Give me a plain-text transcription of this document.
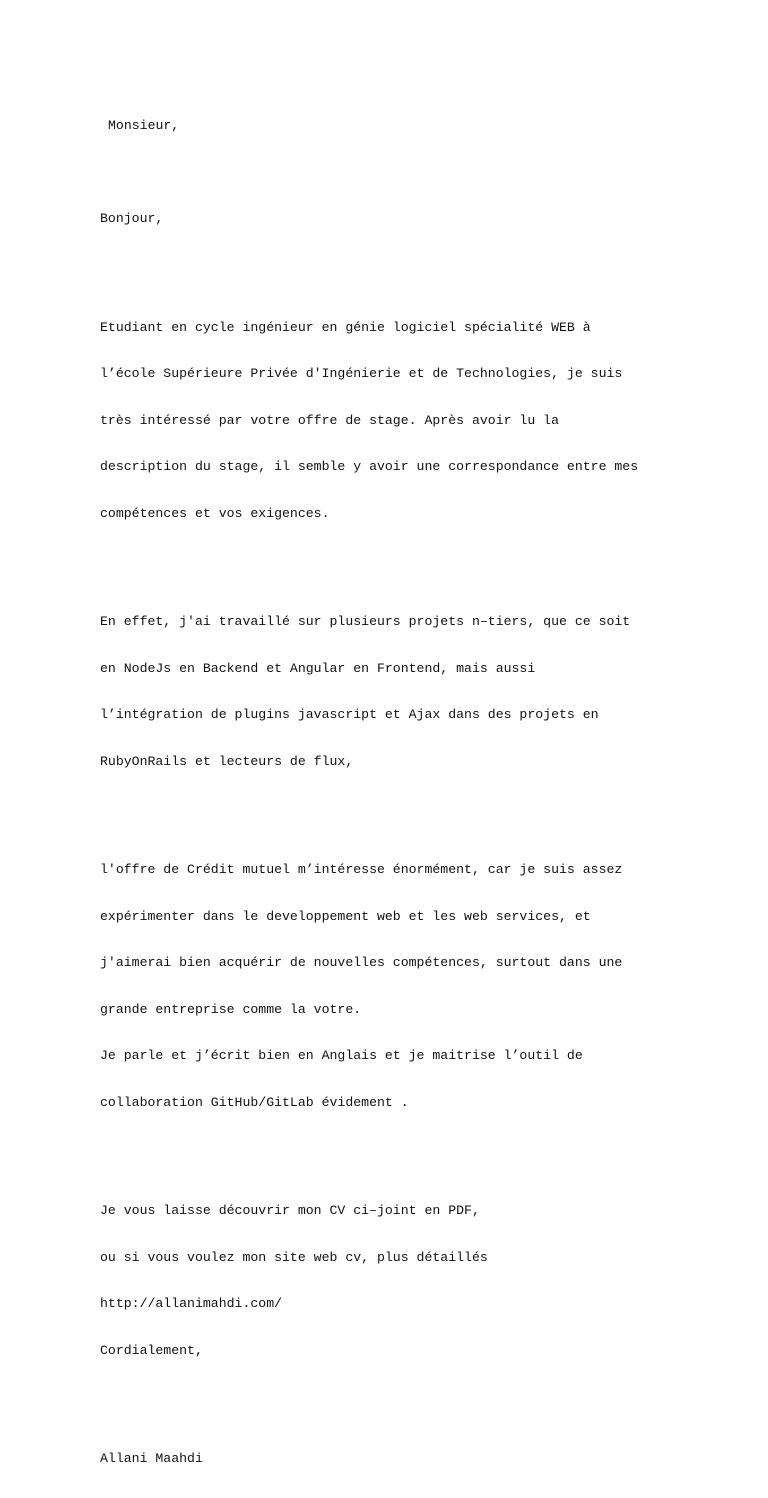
Monsieur,

Bonjour,

Etudiant en cycle ingénieur en génie logiciel spécialité WEB à

l’école Supérieure Privée d'Ingénierie et de Technologies, je suis

très intéressé par votre offre de stage. Après avoir lu la

description du stage, il semble y avoir une correspondance entre mes

compétences et vos exigences.

En effet, j'ai travaillé sur plusieurs projets n–tiers, que ce soit

en NodeJs en Backend et Angular en Frontend, mais aussi

l’intégration de plugins javascript et Ajax dans des projets en

RubyOnRails et lecteurs de flux,

l'offre de Crédit mutuel m’intéresse énormément, car je suis assez

expérimenter dans le developpement web et les web services, et

j'aimerai bien acquérir de nouvelles compétences, surtout dans une

grande entreprise comme la votre.

Je parle et j’écrit bien en Anglais et je maitrise l’outil de

collaboration GitHub/GitLab évidement .

Je vous laisse découvrir mon CV ci–joint en PDF,

ou si vous voulez mon site web cv, plus détaillés

http://allanimahdi.com/

Cordialement,

Allani Maahdi
